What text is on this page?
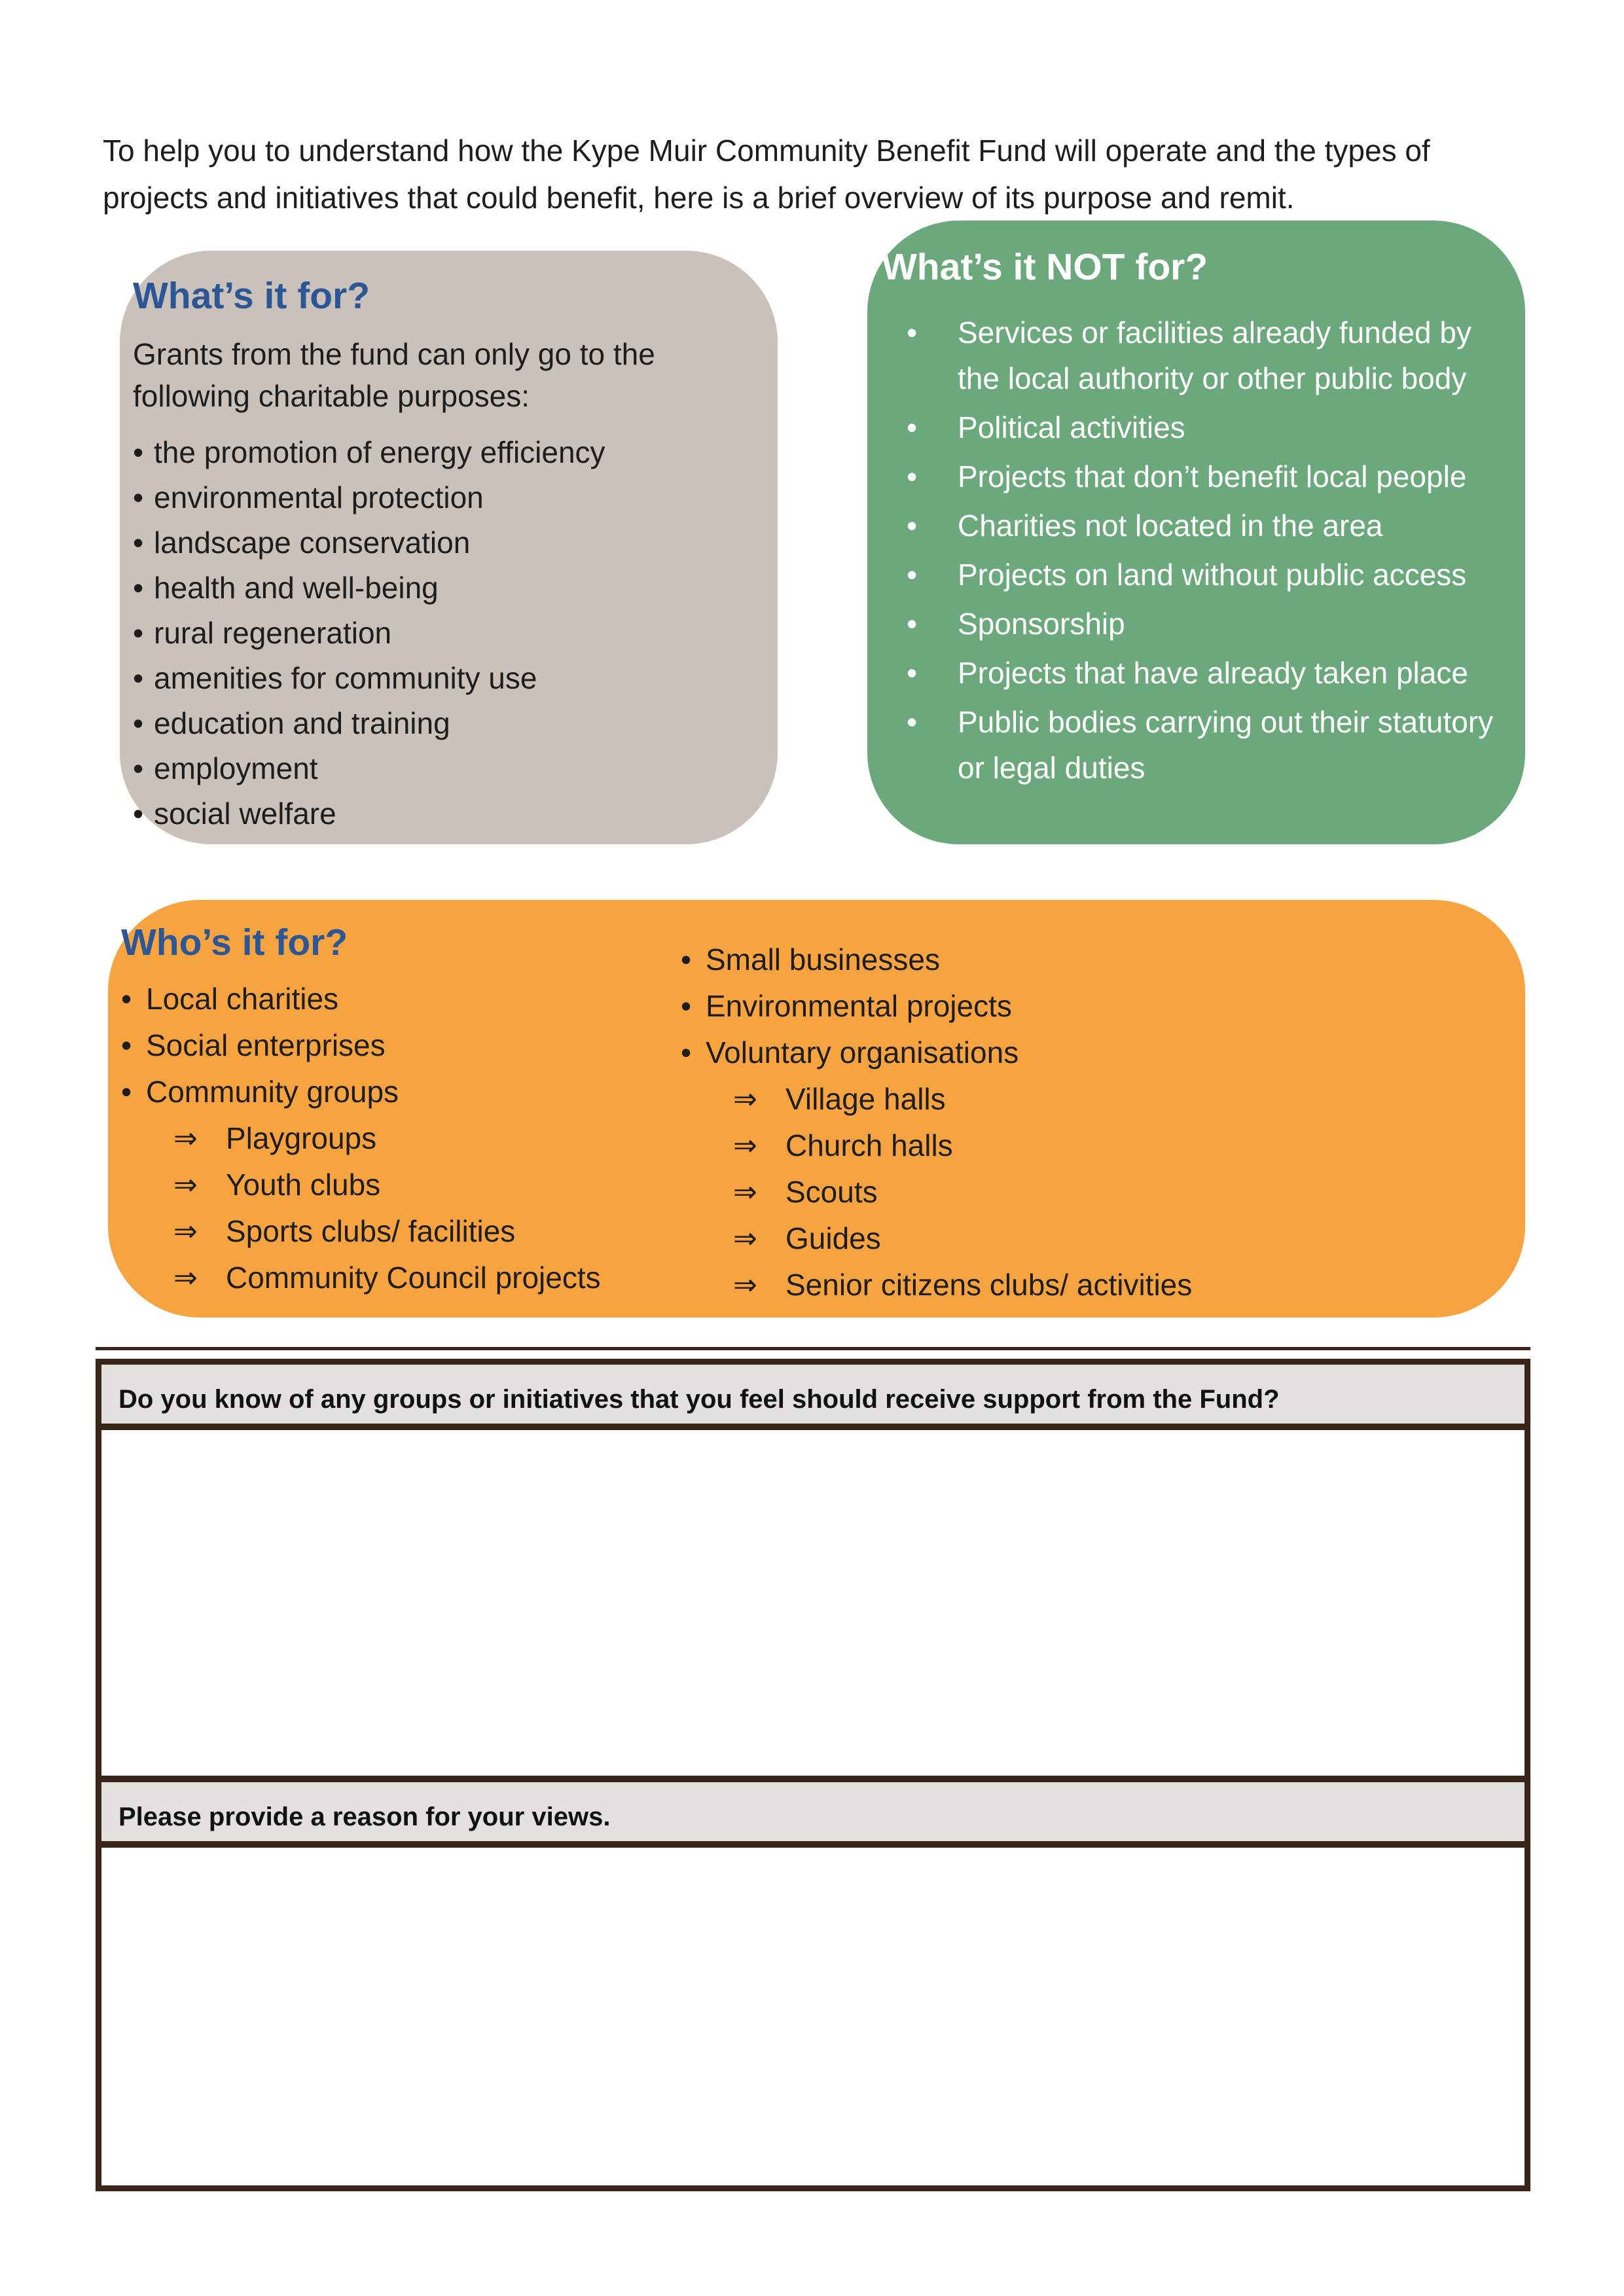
To help you to understand how the Kype Muir Community Benefit Fund will operate and the types of projects and initiatives that could benefit, here is a brief overview of its purpose and remit.

What’s it for?

Grants from the fund can only go to the following charitable purposes:

• the promotion of energy efficiency
• environmental protection
• landscape conservation
• health and well-being
• rural regeneration
• amenities for community use
• education and training
• employment
• social welfare
What’s it NOT for?
•	Services or facilities already funded by the local authority or other public body
•	Political activities
•	Projects that don’t benefit local people
•	Charities not located in the area
•	Projects on land without public access
•	Sponsorship
•	Projects that have already taken place
•	Public bodies carrying out their statutory or legal duties
Who’s it for?
• Local charities
• Social enterprises
• Community groups
⇒ Playgroups
⇒ Youth clubs
⇒ Sports clubs/ facilities
⇒ Community Council projects
• Small businesses
• Environmental projects
• Voluntary organisations
⇒ Village halls
⇒ Church halls
⇒ Scouts
⇒ Guides
⇒ Senior citizens clubs/ activities
Do you know of any groups or initiatives that you feel should receive support from the Fund?
Please provide a reason for your views.
